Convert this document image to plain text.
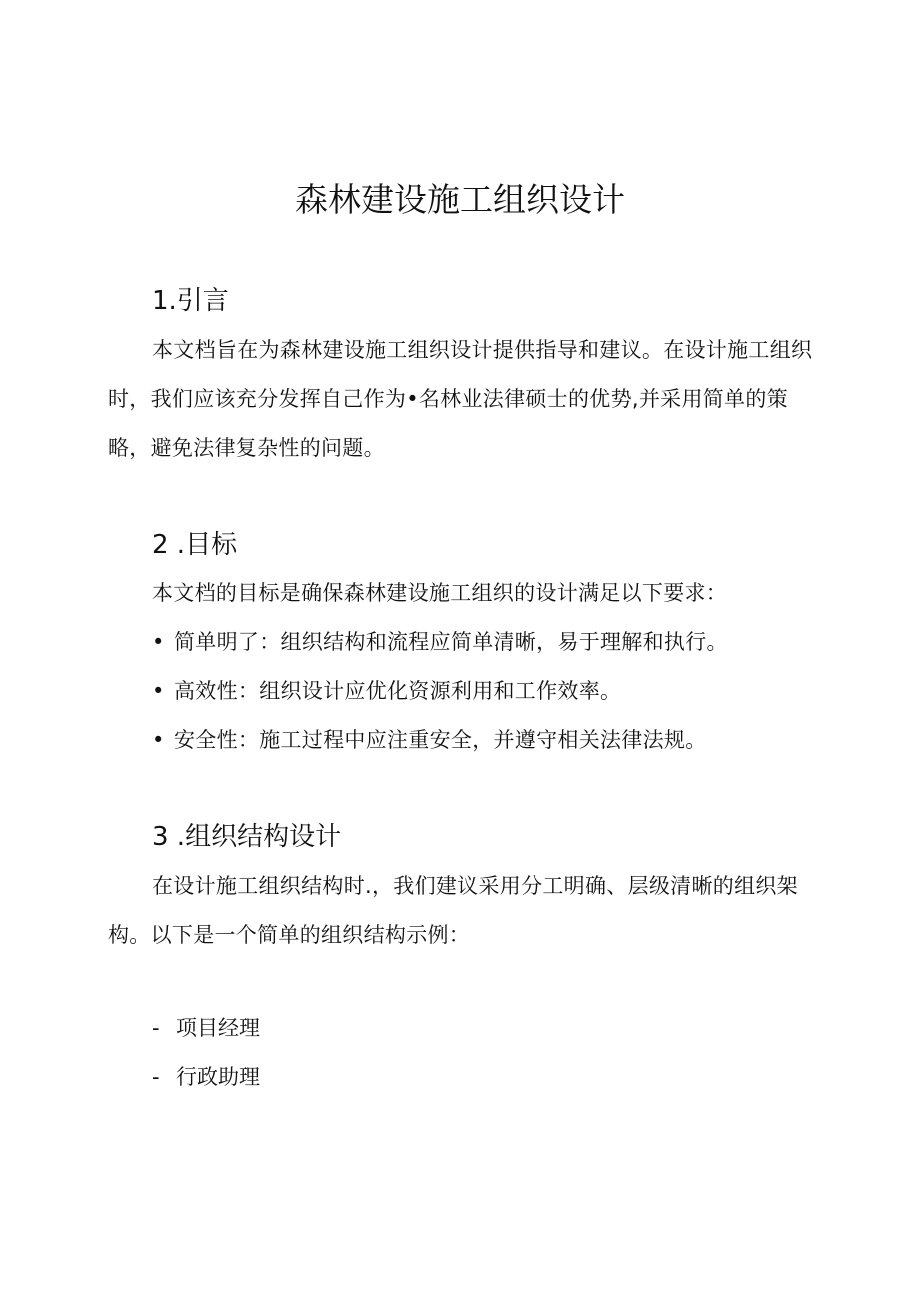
森林建设施工组织设计
1.引言

本文档旨在为森林建设施工组织设计提供指导和建议。在设计施工组织时，我们应该充分发挥自己作为•名林业法律硕士的优势,并采用简单的策略，避免法律复杂性的问题。

2 .目标

本文档的目标是确保森林建设施工组织的设计满足以下要求：

• 简单明了：组织结构和流程应简单清晰，易于理解和执行。
• 高效性：组织设计应优化资源利用和工作效率。
• 安全性：施工过程中应注重安全，并遵守相关法律法规。
3 .组织结构设计

在设计施工组织结构时.，我们建议采用分工明确、层级清晰的组织架构。以下是一个简单的组织结构示例：

- 项目经理
- 行政助理
